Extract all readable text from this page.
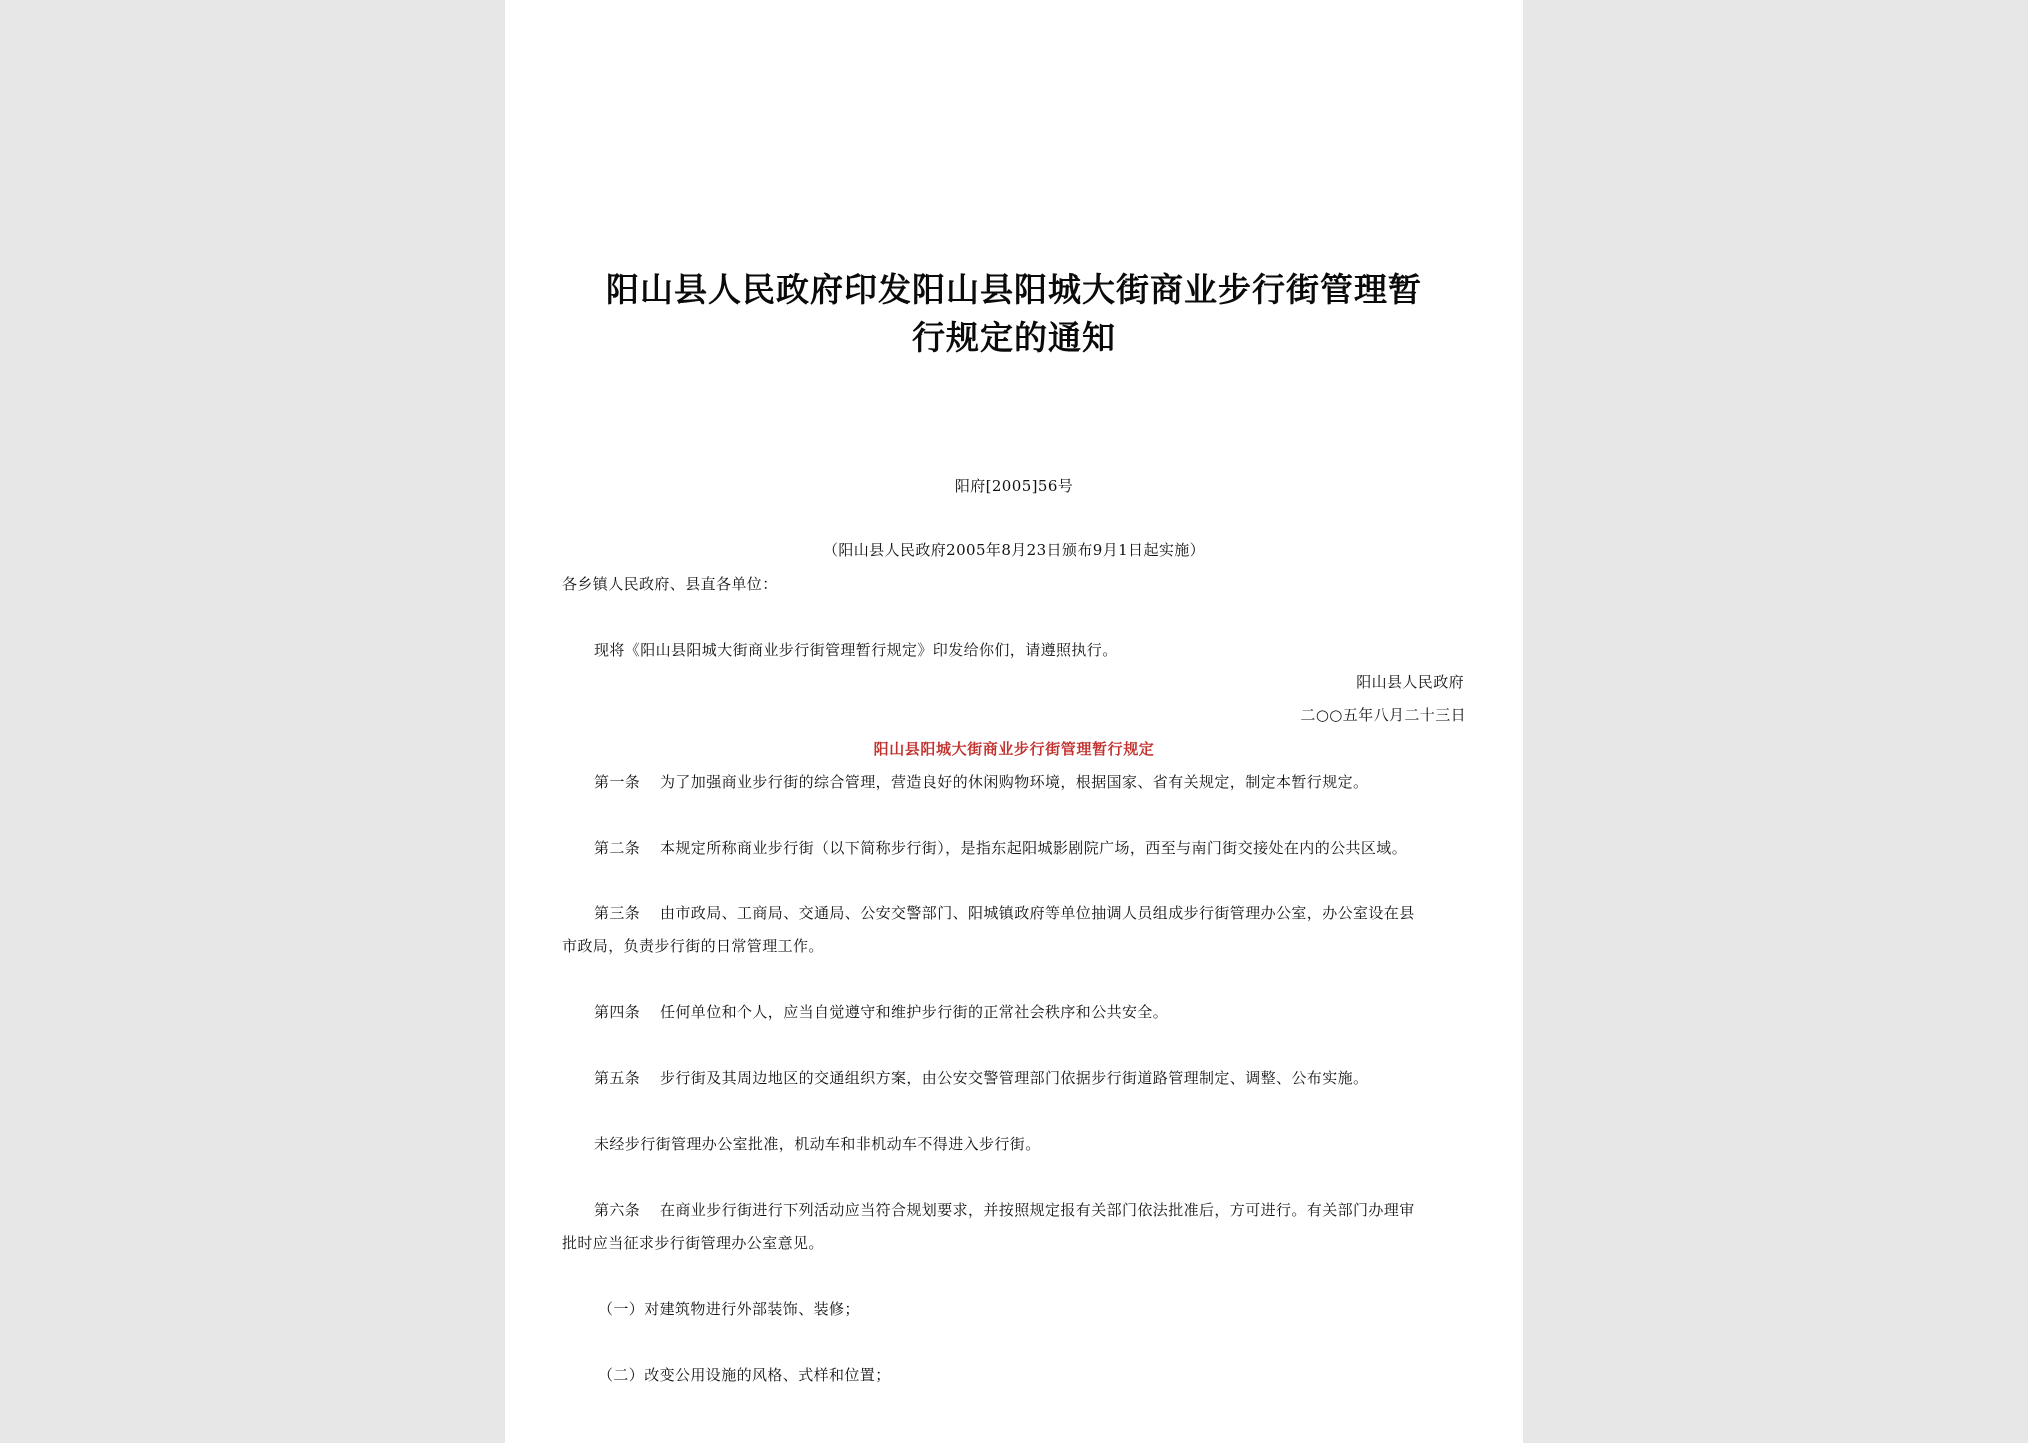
阳山县人民政府印发阳山县阳城大街商业步行街管理暂
行规定的通知
阳府[2005]56号
（阳山县人民政府2005年8月23日颁布9月1日起实施）
各乡镇人民政府、县直各单位：
现将《阳山县阳城大街商业步行街管理暂行规定》印发给你们，请遵照执行。
阳山县人民政府
二○○五年八月二十三日
阳山县阳城大街商业步行街管理暂行规定
第一条 为了加强商业步行街的综合管理，营造良好的休闲购物环境，根据国家、省有关规定，制定本暂行规定。
第二条 本规定所称商业步行街（以下简称步行街），是指东起阳城影剧院广场，西至与南门街交接处在内的公共区域。
第三条 由市政局、工商局、交通局、公安交警部门、阳城镇政府等单位抽调人员组成步行街管理办公室，办公室设在县
市政局，负责步行街的日常管理工作。
第四条 任何单位和个人，应当自觉遵守和维护步行街的正常社会秩序和公共安全。
第五条 步行街及其周边地区的交通组织方案，由公安交警管理部门依据步行街道路管理制定、调整、公布实施。
未经步行街管理办公室批准，机动车和非机动车不得进入步行街。
第六条 在商业步行街进行下列活动应当符合规划要求，并按照规定报有关部门依法批准后，方可进行。有关部门办理审
批时应当征求步行街管理办公室意见。
（一）对建筑物进行外部装饰、装修；
（二）改变公用设施的风格、式样和位置；
